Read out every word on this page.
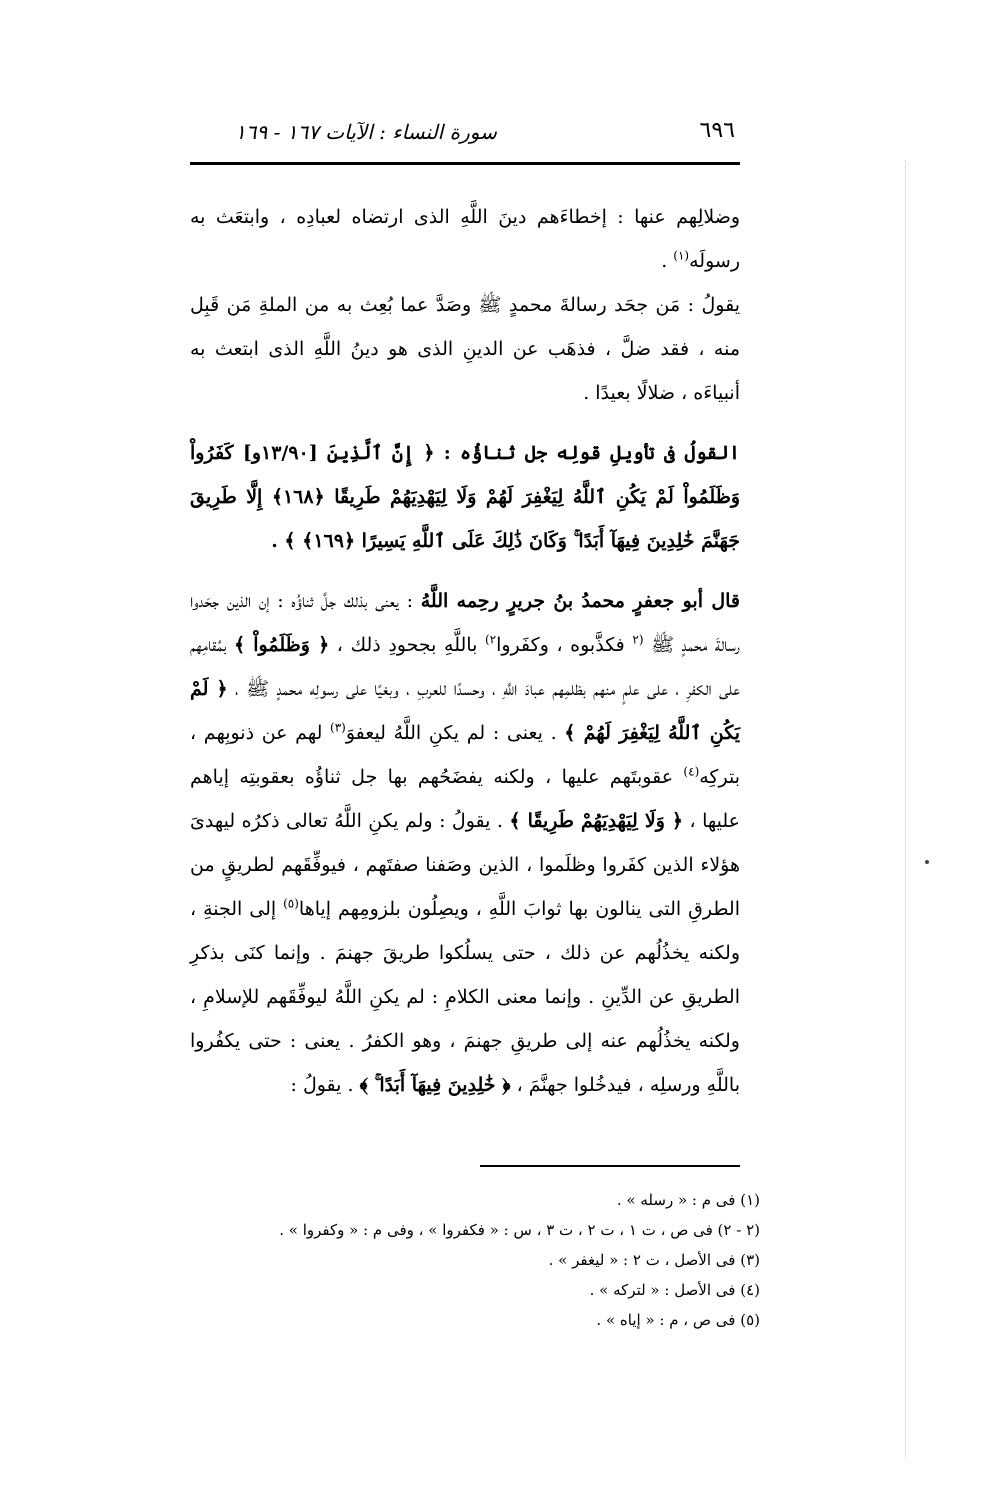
٦٩٦
سورة النساء : الآيات ١٦٧ - ١٦٩

وضلالِهم عنها : إخطاءَهم دينَ اللَّهِ الذى ارتضاه لعبادِه ، وابتعَث به رسولَه$^{(١)}$ .

يقولُ : مَن جحَد رسالةَ محمدٍ ﷺ وصَدَّ عما بُعِث به من الملةِ مَن قَبِل منه ، فقد ضلَّ ، فذهَب عن الدينِ الذى هو دينُ اللَّهِ الذى ابتعث به أنبياءَه ، ضلالًا بعيدًا .

القولُ فى تأويلِ قولِه جل ثناؤُه : ﴿ إِنَّ ٱلَّذِينَ [١٣/٩٠و] كَفَرُواْ وَظَلَمُواْ لَمْ يَكُنِ ٱللَّهُ لِيَغْفِرَ لَهُمْ وَلَا لِيَهْدِيَهُمْ طَرِيقًا ﴿١٦٨﴾ إِلَّا طَرِيقَ جَهَنَّمَ خَٰلِدِينَ فِيهَآ أَبَدًا ۚ وَكَانَ ذَٰلِكَ عَلَى ٱللَّهِ يَسِيرًا ﴿١٦٩﴾ ﴾ .

قال أبو جعفرٍ محمدُ بنُ جريرٍ رحِمه اللَّهُ : يعنى بذلك جلَّ ثناؤُه : إن الذين جحَدوا رسالةَ محمدٍ ﷺ $^{(٢}$ فكذَّبوه ، وكفَروا$^{٢)}$ باللَّهِ بجحودِ ذلك ، ﴿ وَظَلَمُواْ ﴾ بمُقامِهم على الكفرِ ، على علمٍ منهم بظلمِهم عبادَ اللَّهِ ، وحسدًا للعربِ ، وبغيًا على رسولِه محمدٍ ﷺ ، ﴿ لَمْ يَكُنِ ٱللَّهُ لِيَغْفِرَ لَهُمْ ﴾ . يعنى : لم يكنِ اللَّهُ ليعفوَ$^{(٣)}$ لهم عن ذنوبِهم ، بتركِه$^{(٤)}$ عقوبتَهم عليها ، ولكنه يفضَحُهم بها جل ثناؤُه بعقوبتِه إياهم عليها ، ﴿ وَلَا لِيَهْدِيَهُمْ طَرِيقًا ﴾ . يقولُ : ولم يكنِ اللَّهُ تعالى ذكرُه ليهدىَ هؤلاء الذين كفَروا وظلَموا ، الذين وصَفنا صفتَهم ، فيوفِّقَهم لطريقٍ من الطرقِ التى ينالون بها ثوابَ اللَّهِ ، ويصِلُون بلزومِهم إياها$^{(٥)}$ إلى الجنةِ ، ولكنه يخذُلُهم عن ذلك ، حتى يسلُكوا طريقَ جهنمَ . وإنما كنَى بذكرِ الطريقِ عن الدِّينِ . وإنما معنى الكلامِ : لم يكنِ اللَّهُ ليوفِّقَهم للإسلامِ ، ولكنه يخذُلُهم عنه إلى طريقِ جهنمَ ، وهو الكفرُ . يعنى : حتى يكفُروا باللَّهِ ورسلِه ، فيدخُلوا جهنَّمَ ، ﴿ خَٰلِدِينَ فِيهَآ أَبَدًا ۚ ﴾ . يقولُ :

(١) فى م : « رسله » .
(٢ - ٢) فى ص ، ت ١ ، ت ٢ ، ت ٣ ، س : « فكفروا » ، وفى م : « وكفروا » .
(٣) فى الأصل ، ت ٢ : « ليغفر » .
(٤) فى الأصل : « لتركه » .
(٥) فى ص ، م : « إياه » .
